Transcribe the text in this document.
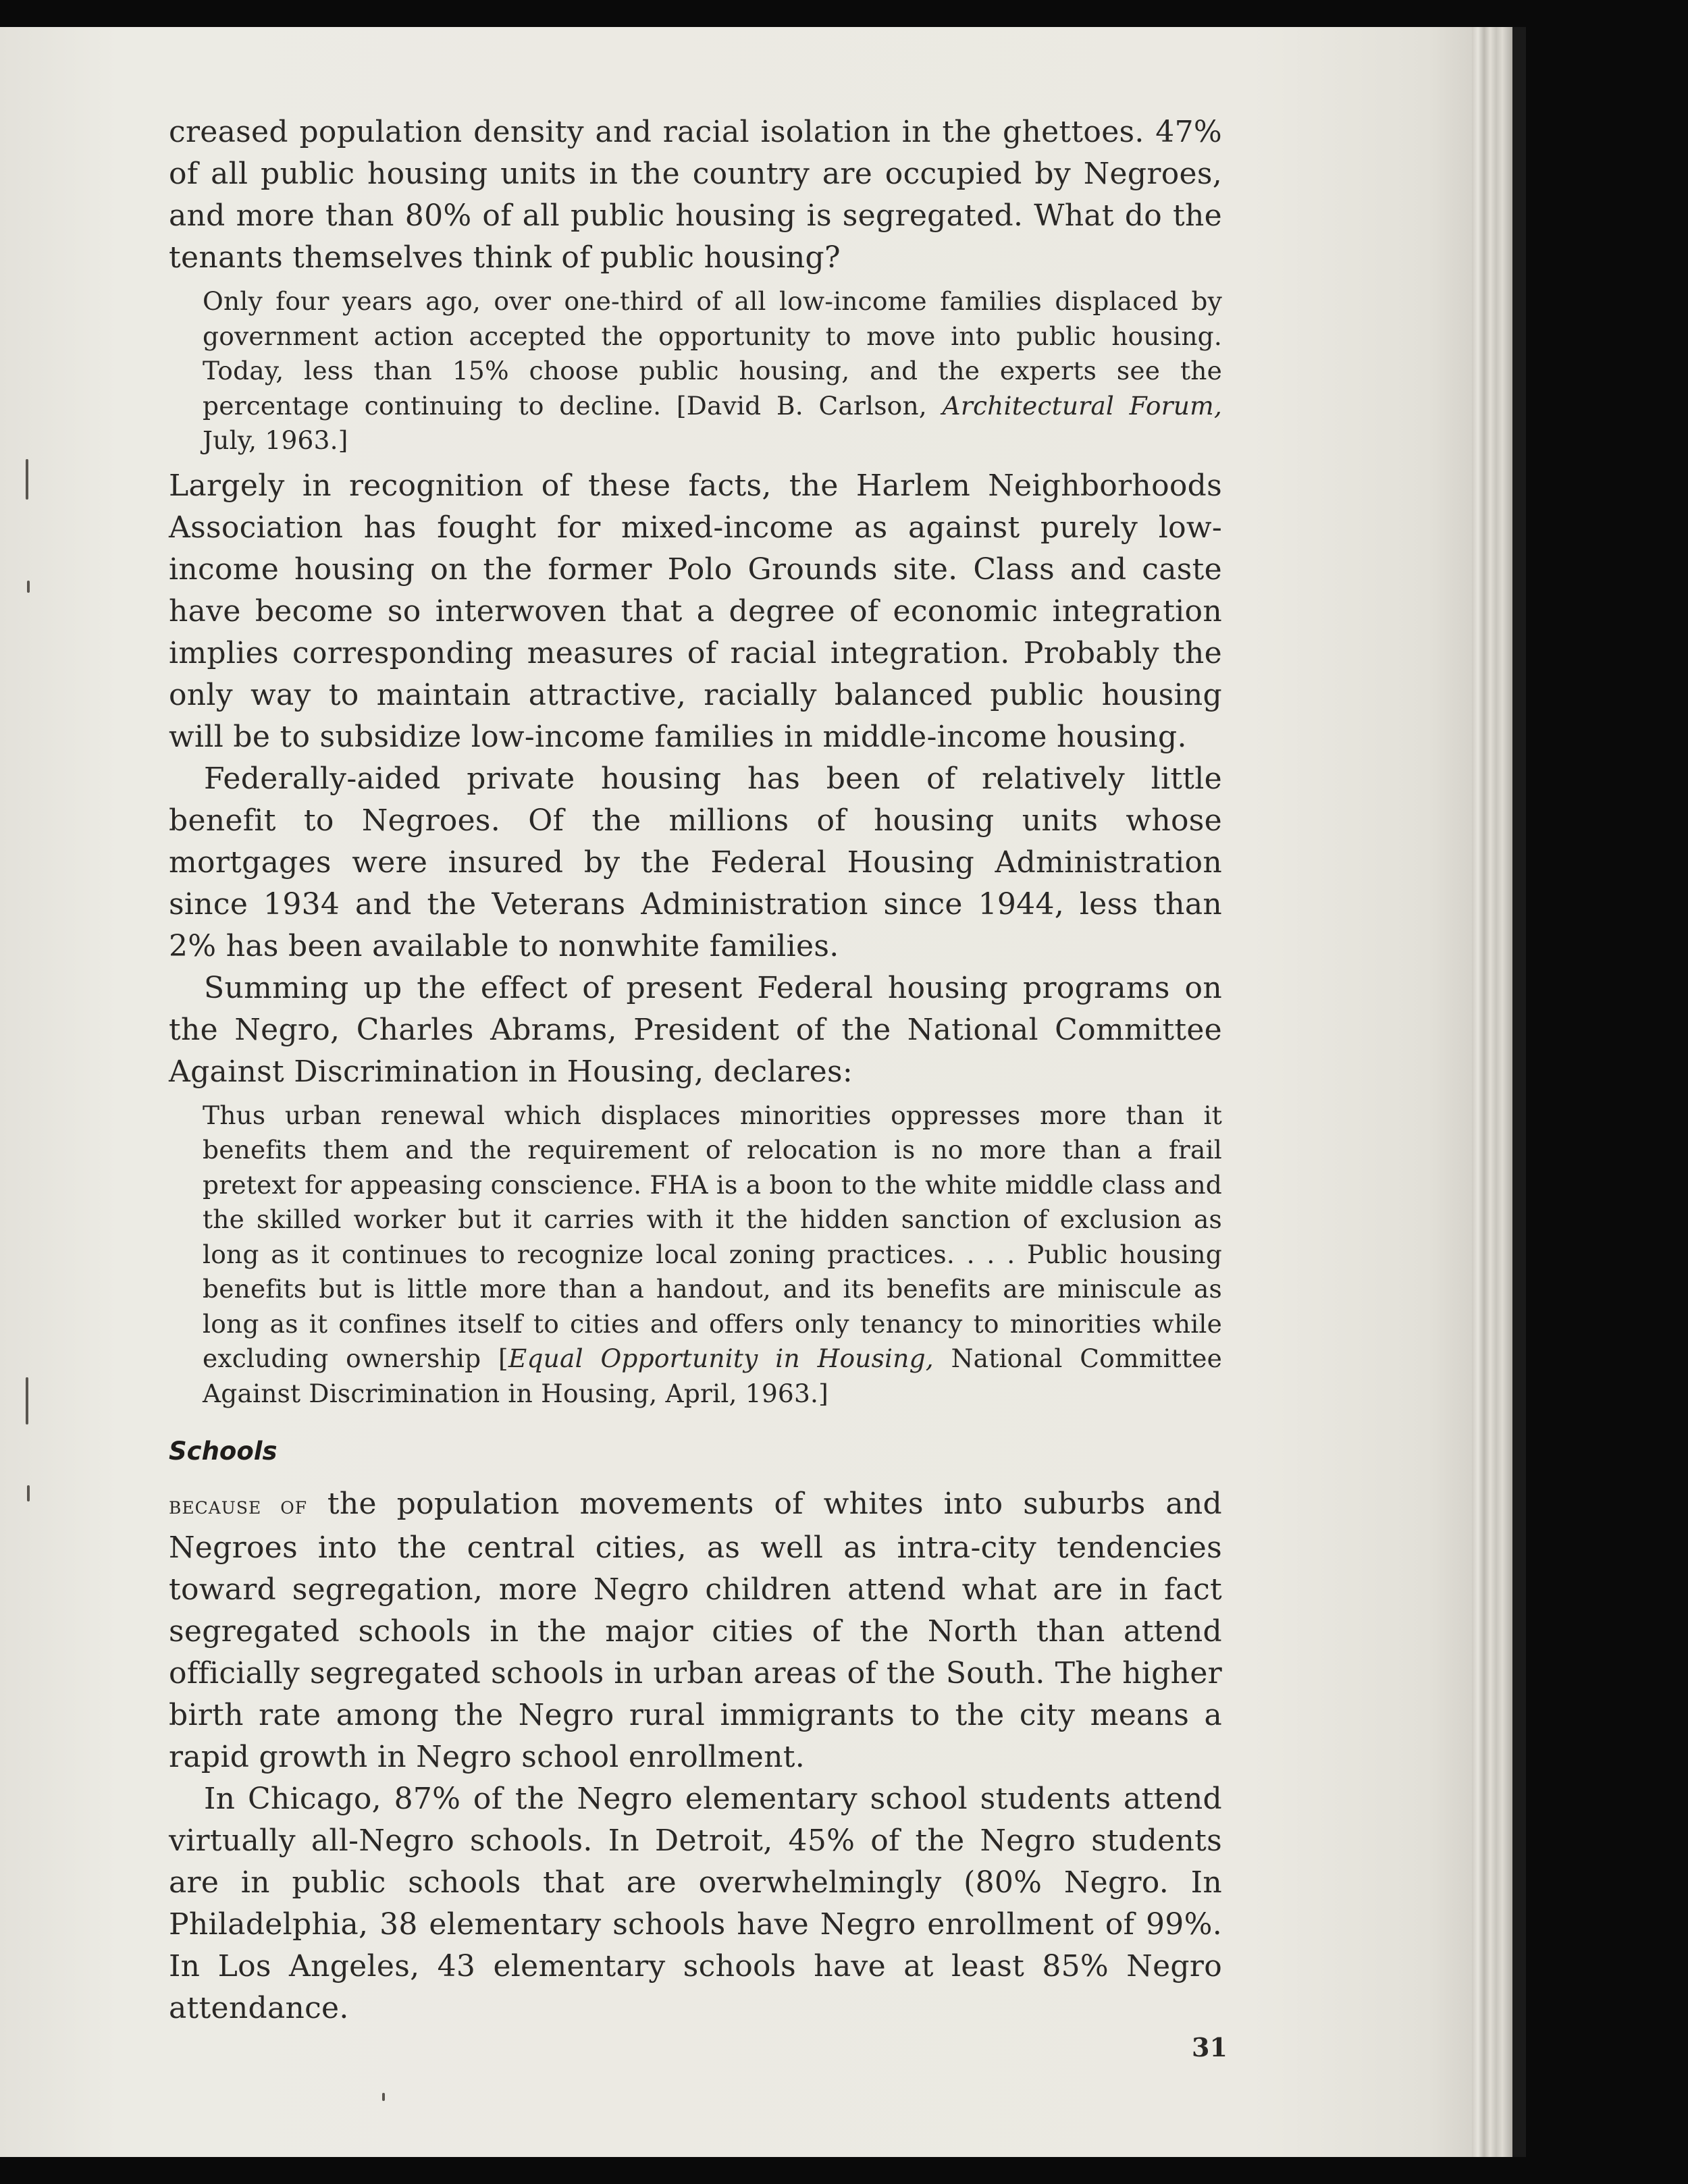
creased population density and racial isolation in the ghettoes. 47% of all public housing units in the country are occupied by Negroes, and more than 80% of all public housing is segregated. What do the tenants themselves think of public housing?

Only four years ago, over one-third of all low-income families displaced by government action accepted the opportunity to move into public housing. Today, less than 15% choose public housing, and the experts see the percentage continuing to decline. [David B. Carlson, Architectural Forum, July, 1963.]

Largely in recognition of these facts, the Harlem Neighborhoods Association has fought for mixed-income as against purely low-income housing on the former Polo Grounds site. Class and caste have become so interwoven that a degree of economic integration implies corresponding measures of racial integration. Probably the only way to maintain attractive, racially balanced public housing will be to subsidize low-income families in middle-income housing.

Federally-aided private housing has been of relatively little benefit to Negroes. Of the millions of housing units whose mortgages were insured by the Federal Housing Administration since 1934 and the Veterans Administration since 1944, less than 2% has been available to nonwhite families.

Summing up the effect of present Federal housing programs on the Negro, Charles Abrams, President of the National Committee Against Discrimination in Housing, declares:

Thus urban renewal which displaces minorities oppresses more than it benefits them and the requirement of relocation is no more than a frail pretext for appeasing conscience. FHA is a boon to the white middle class and the skilled worker but it carries with it the hidden sanction of exclusion as long as it continues to recognize local zoning practices. . . . Public housing benefits but is little more than a handout, and its benefits are miniscule as long as it confines itself to cities and offers only tenancy to minorities while excluding ownership [Equal Opportunity in Housing, National Committee Against Discrimination in Housing, April, 1963.]

Schools

because of the population movements of whites into suburbs and Negroes into the central cities, as well as intra-city tendencies toward segregation, more Negro children attend what are in fact segregated schools in the major cities of the North than attend officially segregated schools in urban areas of the South. The higher birth rate among the Negro rural immigrants to the city means a rapid growth in Negro school enrollment.

In Chicago, 87% of the Negro elementary school students attend virtually all-Negro schools. In Detroit, 45% of the Negro students are in public schools that are overwhelmingly (80% Negro. In Philadelphia, 38 elementary schools have Negro enrollment of 99%. In Los Angeles, 43 elementary schools have at least 85% Negro attendance.

31
